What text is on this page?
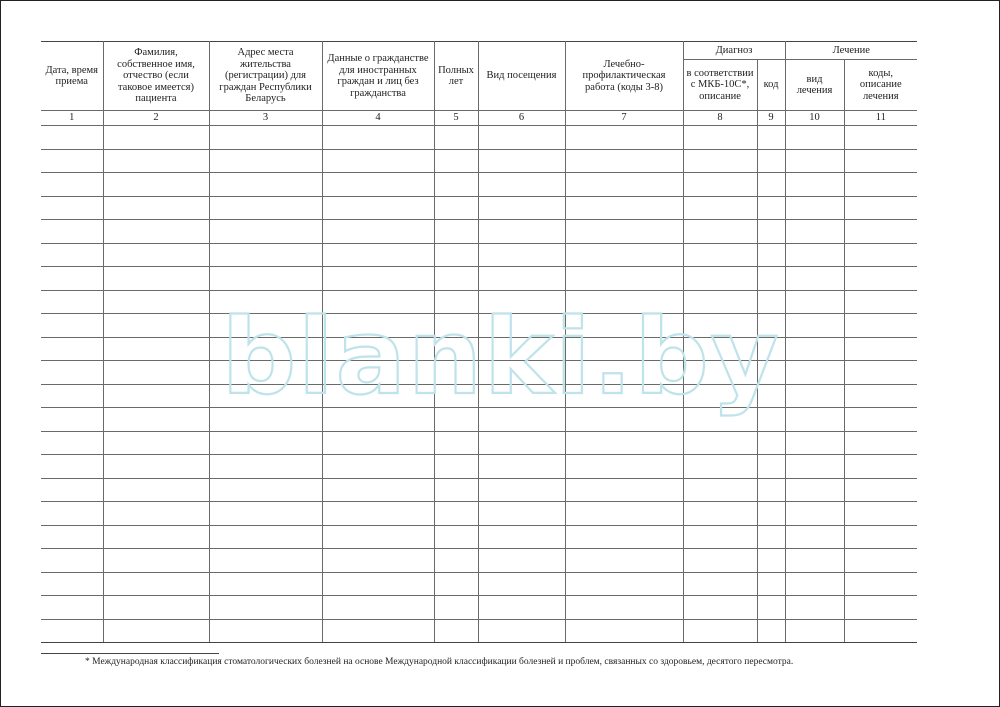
Дата, время приема	Фамилия, собственное имя, отчество (если таковое имеется) пациента	Адрес места жительства (регистрации) для граждан Республики Беларусь	Данные о гражданстве для иностранных граждан и лиц без гражданства	Полных лет	Вид посещения	Лечебно-профилактическая работа (коды 3-8)	Диагноз		Лечение	
							в соответствии с МКБ-10С*, описание	код	вид лечения	коды, описание лечения
1	2	3	4	5	6	7	8	9	10	11

blanki.by
* Международная классификация стоматологических болезней на основе Международной классификации болезней и проблем, связанных со здоровьем, десятого пересмотра.
